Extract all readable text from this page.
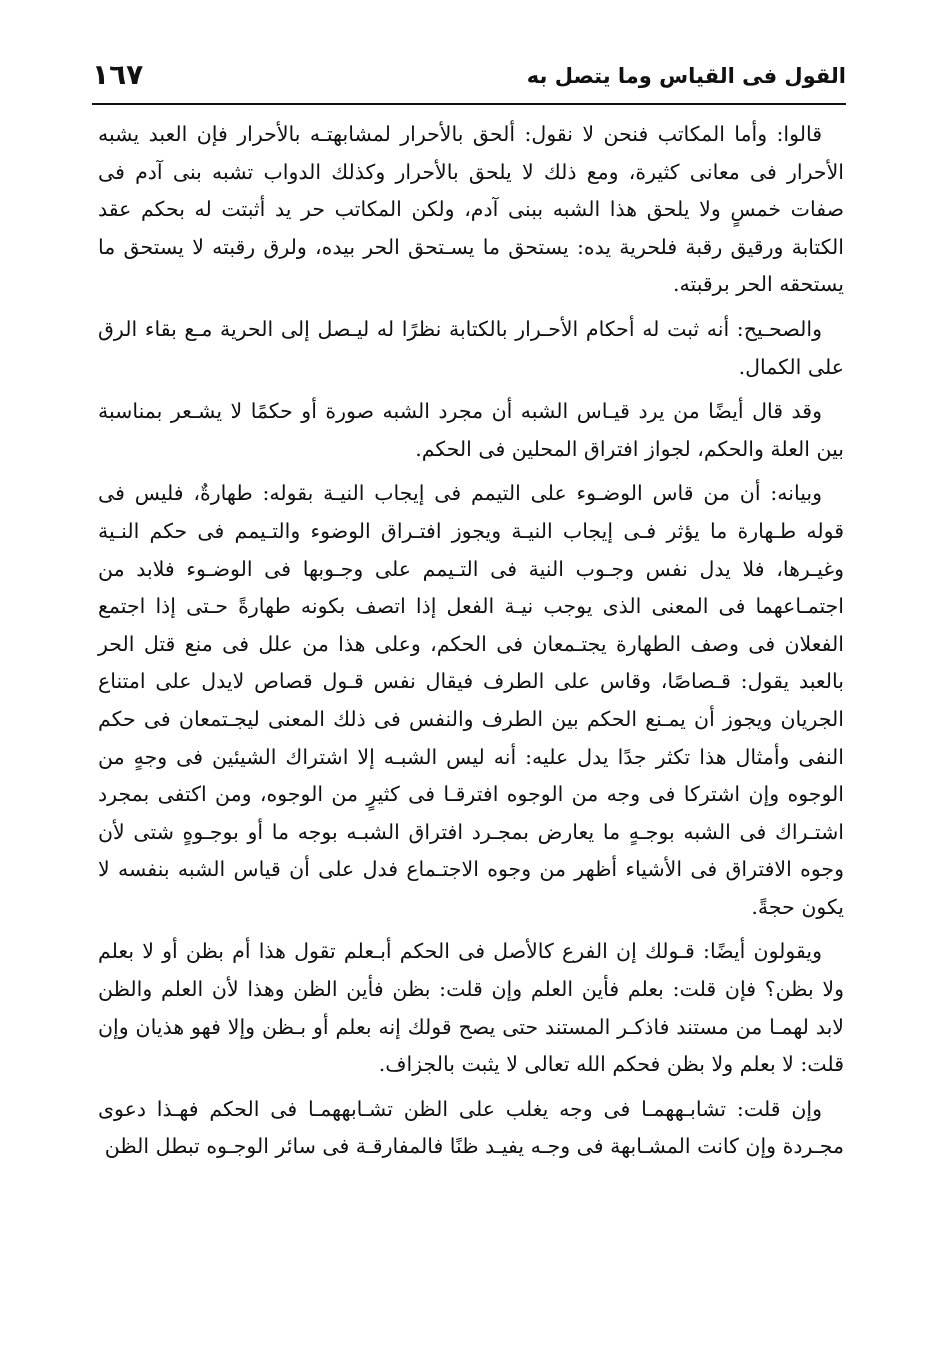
القول فى القياس وما يتصل به
١٦٧

قالوا: وأما المكاتب فنحن لا نقول: ألحق بالأحرار لمشابهتـه بالأحرار فإن العبد يشبه الأحرار فى معانى كثيرة، ومع ذلك لا يلحق بالأحرار وكذلك الدواب تشبه بنى آدم فى صفات خمسٍ ولا يلحق هذا الشبه ببنى آدم، ولكن المكاتب حر يد أثبتت له بحكم عقد الكتابة ورقيق رقبة فلحرية يده: يستحق ما يسـتحق الحر بيده، ولرق رقبته لا يستحق ما يستحقه الحر برقبته.

والصحـيح: أنه ثبت له أحكام الأحـرار بالكتابة نظرًا له ليـصل إلى الحرية مـع بقاء الرق على الكمال.

وقد قال أيضًا من يرد قيـاس الشبه أن مجرد الشبه صورة أو حكمًا لا يشـعر بمناسبة بين العلة والحكم، لجواز افتراق المحلين فى الحكم.

وبيانه: أن من قاس الوضـوء على التيمم فى إيجاب النيـة بقوله: طهارةٌ، فليس فى قوله طـهارة ما يؤثر فـى إيجاب النيـة ويجوز افتـراق الوضوء والتـيمم فى حكم النـية وغيـرها، فلا يدل نفس وجـوب النية فى التـيمم على وجـوبها فى الوضـوء فلابد من اجتمـاعهما فى المعنى الذى يوجب نيـة الفعل إذا اتصف بكونه طهارةً حـتى إذا اجتمع الفعلان فى وصف الطهارة يجتـمعان فى الحكم، وعلى هذا من علل فى منع قتل الحر بالعبد يقول: قـصاصًا، وقاس على الطرف فيقال نفس قـول قصاص لايدل على امتناع الجريان ويجوز أن يمـنع الحكم بين الطرف والنفس فى ذلك المعنى ليجـتمعان فى حكم النفى وأمثال هذا تكثر جدًا يدل عليه: أنه ليس الشبـه إلا اشتراك الشيئين فى وجهٍ من الوجوه وإن اشتركا فى وجه من الوجوه افترقـا فى كثيرٍ من الوجوه، ومن اكتفى بمجرد اشتـراك فى الشبه بوجـهٍ ما يعارض بمجـرد افتراق الشبـه بوجه ما أو بوجـوهٍ شتى لأن وجوه الافتراق فى الأشياء أظهر من وجوه الاجتـماع فدل على أن قياس الشبه بنفسه لا يكون حجةً.

ويقولون أيضًا: قـولك إن الفرع كالأصل فى الحكم أبـعلم تقول هذا أم بظن أو لا بعلم ولا بظن؟ فإن قلت: بعلم فأين العلم وإن قلت: بظن فأين الظن وهذا لأن العلم والظن لابد لهمـا من مستند فاذكـر المستند حتى يصح قولك إنه بعلم أو بـظن وإلا فهو هذيان وإن قلت: لا بعلم ولا بظن فحكم الله تعالى لا يثبت بالجزاف.

وإن قلت: تشابـههمـا فى وجه يغلب على الظن تشـابههمـا فى الحكم فهـذا دعوى مجـردة وإن كانت المشـابهة فى وجـه يفيـد ظنًا فالمفارقـة فى سائر الوجـوه تبطل الظن
